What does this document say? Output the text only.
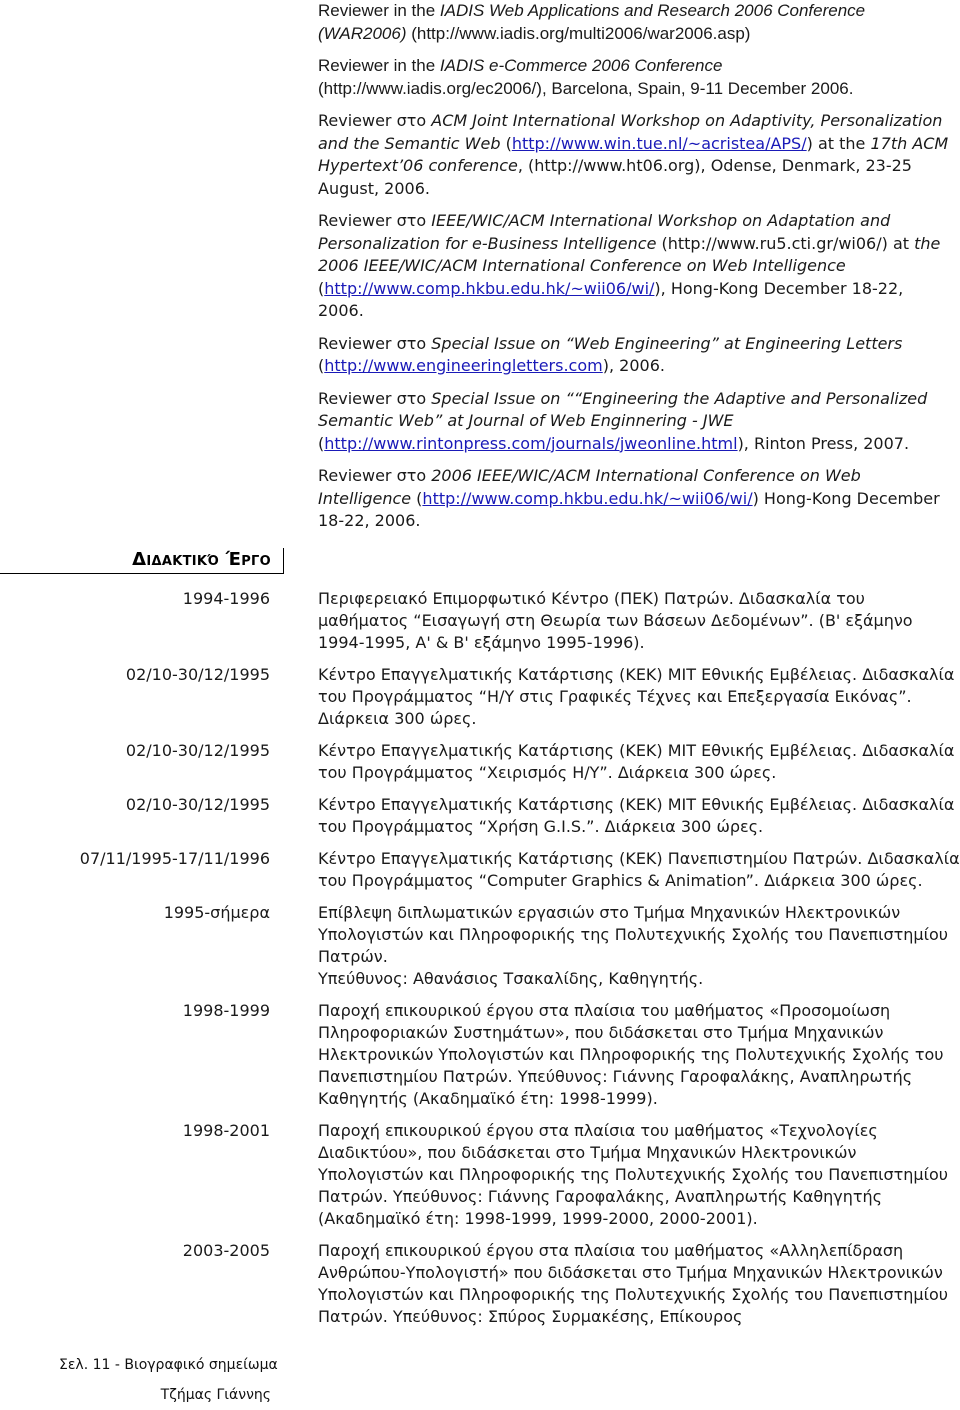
Reviewer in the IADIS Web Applications and Research 2006 Conference (WAR2006) (http://www.iadis.org/multi2006/war2006.asp)
Reviewer in the IADIS e-Commerce 2006 Conference (http://www.iadis.org/ec2006/), Barcelona, Spain, 9-11 December 2006.
Reviewer στο ACM Joint International Workshop on Adaptivity, Personalization and the Semantic Web (http://www.win.tue.nl/~acristea/APS/) at the 17th ACM Hypertext’06 conference, (http://www.ht06.org), Odense, Denmark, 23-25 August, 2006.
Reviewer στο IEEE/WIC/ACM International Workshop on Adaptation and Personalization for e-Business Intelligence (http://www.ru5.cti.gr/wi06/) at the 2006 IEEE/WIC/ACM International Conference on Web Intelligence (http://www.comp.hkbu.edu.hk/~wii06/wi/), Hong-Kong December 18-22, 2006.
Reviewer στο Special Issue on “Web Engineering” at Engineering Letters (http://www.engineeringletters.com), 2006.
Reviewer στο Special Issue on ““Engineering the Adaptive and Personalized Semantic Web” at Journal of Web Enginnering - JWE (http://www.rintonpress.com/journals/jweonline.html), Rinton Press, 2007.
Reviewer στο 2006 IEEE/WIC/ACM International Conference on Web Intelligence (http://www.comp.hkbu.edu.hk/~wii06/wi/) Hong-Kong December 18-22, 2006.
Διδακτικό Έργο
1994-1996	Περιφερειακό Επιμορφωτικό Κέντρο (ΠΕΚ) Πατρών. Διδασκαλία του μαθήματος “Εισαγωγή στη Θεωρία των Βάσεων Δεδομένων”. (Β' εξάμηνο 1994-1995, Α' & Β' εξάμηνο 1995-1996).
02/10-30/12/1995	Κέντρο Επαγγελματικής Κατάρτισης (ΚΕΚ) ΜΙΤ Εθνικής Εμβέλειας. Διδασκαλία του Προγράμματος “Η/Υ στις Γραφικές Τέχνες και Επεξεργασία Εικόνας”. Διάρκεια 300 ώρες.
02/10-30/12/1995	Κέντρο Επαγγελματικής Κατάρτισης (ΚΕΚ) ΜΙΤ Εθνικής Εμβέλειας. Διδασκαλία του Προγράμματος “Χειρισμός Η/Υ”. Διάρκεια 300 ώρες.
02/10-30/12/1995	Κέντρο Επαγγελματικής Κατάρτισης (ΚΕΚ) ΜΙΤ Εθνικής Εμβέλειας. Διδασκαλία του Προγράμματος “Χρήση G.I.S.”. Διάρκεια 300 ώρες.
07/11/1995-17/11/1996	Κέντρο Επαγγελματικής Κατάρτισης (ΚΕΚ) Πανεπιστημίου Πατρών. Διδασκαλία του Προγράμματος “Computer Graphics & Animation”. Διάρκεια 300 ώρες.
1995-σήμερα	Επίβλεψη διπλωματικών εργασιών στο Τμήμα Μηχανικών Ηλεκτρονικών Υπολογιστών και Πληροφορικής της Πολυτεχνικής Σχολής του Πανεπιστημίου Πατρών.
Υπεύθυνος: Αθανάσιος Τσακαλίδης, Καθηγητής.
1998-1999	Παροχή επικουρικού έργου στα πλαίσια του μαθήματος «Προσομοίωση Πληροφοριακών Συστημάτων», που διδάσκεται στο Τμήμα Μηχανικών Ηλεκτρονικών Υπολογιστών και Πληροφορικής της Πολυτεχνικής Σχολής του Πανεπιστημίου Πατρών. Υπεύθυνος: Γιάννης Γαροφαλάκης, Αναπληρωτής Καθηγητής (Ακαδημαϊκό έτη: 1998-1999).
1998-2001	Παροχή επικουρικού έργου στα πλαίσια του μαθήματος «Τεχνολογίες Διαδικτύου», που διδάσκεται στο Τμήμα Μηχανικών Ηλεκτρονικών Υπολογιστών και Πληροφορικής της Πολυτεχνικής Σχολής του Πανεπιστημίου Πατρών. Υπεύθυνος: Γιάννης Γαροφαλάκης, Αναπληρωτής Καθηγητής (Ακαδημαϊκό έτη: 1998-1999, 1999-2000, 2000-2001).
2003-2005	Παροχή επικουρικού έργου στα πλαίσια του μαθήματος «Αλληλεπίδραση Ανθρώπου-Υπολογιστή» που διδάσκεται στο Τμήμα Μηχανικών Ηλεκτρονικών Υπολογιστών και Πληροφορικής της Πολυτεχνικής Σχολής του Πανεπιστημίου Πατρών. Υπεύθυνος: Σπύρος Συρμακέσης, Επίκουρος
Σελ. 11 - Βιογραφικό σημείωμα
Τζήμας Γιάννης
